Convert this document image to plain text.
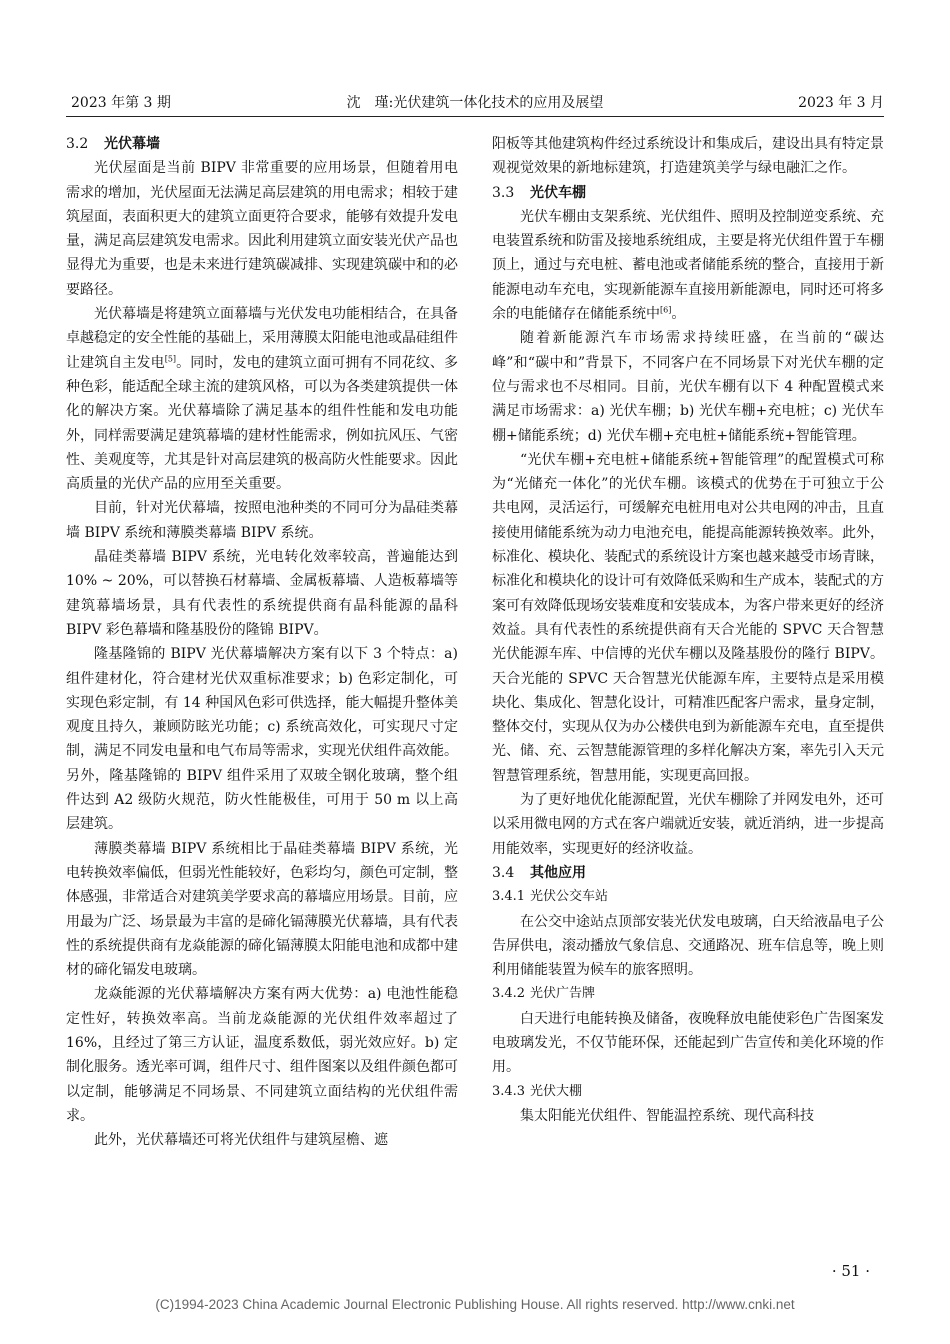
2023 年第 3 期	沈　瑾:光伏建筑一体化技术的应用及展望	2023 年 3 月
3.2 光伏幕墙

光伏屋面是当前 BIPV 非常重要的应用场景，但随着用电需求的增加，光伏屋面无法满足高层建筑的用电需求；相较于建筑屋面，表面积更大的建筑立面更符合要求，能够有效提升发电量，满足高层建筑发电需求。因此利用建筑立面安装光伏产品也显得尤为重要，也是未来进行建筑碳减排、实现建筑碳中和的必要路径。

光伏幕墙是将建筑立面幕墙与光伏发电功能相结合，在具备卓越稳定的安全性能的基础上，采用薄膜太阳能电池或晶硅组件让建筑自主发电[5]。同时，发电的建筑立面可拥有不同花纹、多种色彩，能适配全球主流的建筑风格，可以为各类建筑提供一体化的解决方案。光伏幕墙除了满足基本的组件性能和发电功能外，同样需要满足建筑幕墙的建材性能需求，例如抗风压、气密性、美观度等，尤其是针对高层建筑的极高防火性能要求。因此高质量的光伏产品的应用至关重要。

目前，针对光伏幕墙，按照电池种类的不同可分为晶硅类幕墙 BIPV 系统和薄膜类幕墙 BIPV 系统。

晶硅类幕墙 BIPV 系统，光电转化效率较高，普遍能达到 10% ~ 20%，可以替换石材幕墙、金属板幕墙、人造板幕墙等建筑幕墙场景，具有代表性的系统提供商有晶科能源的晶科 BIPV 彩色幕墙和隆基股份的隆锦 BIPV。

隆基隆锦的 BIPV 光伏幕墙解决方案有以下 3 个特点：a) 组件建材化，符合建材光伏双重标准要求；b) 色彩定制化，可实现色彩定制，有 14 种国风色彩可供选择，能大幅提升整体美观度且持久，兼顾防眩光功能；c) 系统高效化，可实现尺寸定制，满足不同发电量和电气布局等需求，实现光伏组件高效能。另外，隆基隆锦的 BIPV 组件采用了双玻全钢化玻璃，整个组件达到 A2 级防火规范，防火性能极佳，可用于 50 m 以上高层建筑。

薄膜类幕墙 BIPV 系统相比于晶硅类幕墙 BIPV 系统，光电转换效率偏低，但弱光性能较好，色彩均匀，颜色可定制，整体感强，非常适合对建筑美学要求高的幕墙应用场景。目前，应用最为广泛、场景最为丰富的是碲化镉薄膜光伏幕墙，具有代表性的系统提供商有龙焱能源的碲化镉薄膜太阳能电池和成都中建材的碲化镉发电玻璃。

龙焱能源的光伏幕墙解决方案有两大优势：a) 电池性能稳定性好，转换效率高。当前龙焱能源的光伏组件效率超过了 16%，且经过了第三方认证，温度系数低，弱光效应好。b) 定制化服务。透光率可调，组件尺寸、组件图案以及组件颜色都可以定制，能够满足不同场景、不同建筑立面结构的光伏组件需求。

此外，光伏幕墙还可将光伏组件与建筑屋檐、遮

阳板等其他建筑构件经过系统设计和集成后，建设出具有特定景观视觉效果的新地标建筑，打造建筑美学与绿电融汇之作。

3.3 光伏车棚

光伏车棚由支架系统、光伏组件、照明及控制逆变系统、充电装置系统和防雷及接地系统组成，主要是将光伏组件置于车棚顶上，通过与充电桩、蓄电池或者储能系统的整合，直接用于新能源电动车充电，实现新能源车直接用新能源电，同时还可将多余的电能储存在储能系统中[6]。

随着新能源汽车市场需求持续旺盛，在当前的“碳达峰”和“碳中和”背景下，不同客户在不同场景下对光伏车棚的定位与需求也不尽相同。目前，光伏车棚有以下 4 种配置模式来满足市场需求：a) 光伏车棚；b) 光伏车棚+充电桩；c) 光伏车棚+储能系统；d) 光伏车棚+充电桩+储能系统+智能管理。

“光伏车棚+充电桩+储能系统+智能管理”的配置模式可称为“光储充一体化”的光伏车棚。该模式的优势在于可独立于公共电网，灵活运行，可缓解充电桩用电对公共电网的冲击，且直接使用储能系统为动力电池充电，能提高能源转换效率。此外，标准化、模块化、装配式的系统设计方案也越来越受市场青睐，标准化和模块化的设计可有效降低采购和生产成本，装配式的方案可有效降低现场安装难度和安装成本，为客户带来更好的经济效益。具有代表性的系统提供商有天合光能的 SPVC 天合智慧光伏能源车库、中信博的光伏车棚以及隆基股份的隆行 BIPV。天合光能的 SPVC 天合智慧光伏能源车库，主要特点是采用模块化、集成化、智慧化设计，可精准匹配客户需求，量身定制，整体交付，实现从仅为办公楼供电到为新能源车充电，直至提供光、储、充、云智慧能源管理的多样化解决方案，率先引入天元智慧管理系统，智慧用能，实现更高回报。

为了更好地优化能源配置，光伏车棚除了并网发电外，还可以采用微电网的方式在客户端就近安装，就近消纳，进一步提高用能效率，实现更好的经济收益。

3.4 其他应用
3.4.1 光伏公交车站

在公交中途站点顶部安装光伏发电玻璃，白天给液晶电子公告屏供电，滚动播放气象信息、交通路况、班车信息等，晚上则利用储能装置为候车的旅客照明。

3.4.2 光伏广告牌

白天进行电能转换及储备，夜晚释放电能使彩色广告图案发电玻璃发光，不仅节能环保，还能起到广告宣传和美化环境的作用。

3.4.3 光伏大棚

集太阳能光伏组件、智能温控系统、现代高科技

· 51 ·
(C)1994-2023 China Academic Journal Electronic Publishing House. All rights reserved. http://www.cnki.net
